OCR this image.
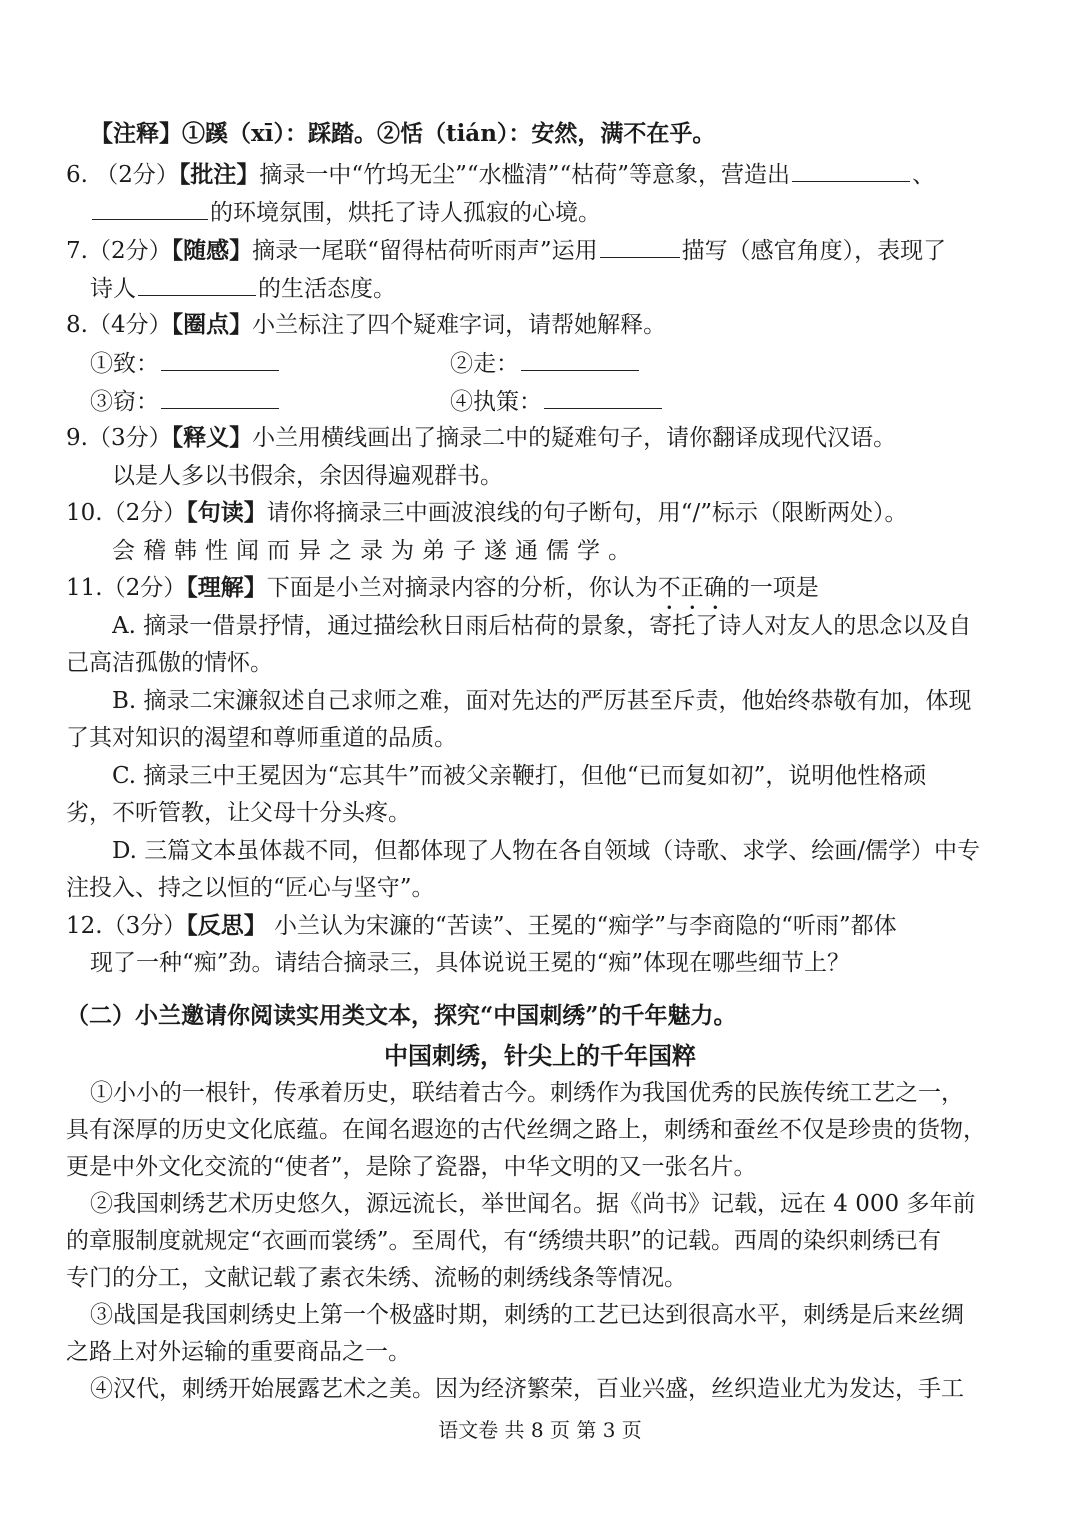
【注释】①蹊（xī）：踩踏。②恬（tián）：安然，满不在乎。
6. （2分）【批注】摘录一中“竹坞无尘”“水槛清”“枯荷”等意象，营造出	、
的环境氛围，烘托了诗人孤寂的心境。
7.（2分）【随感】摘录一尾联“留得枯荷听雨声”运用	描写（感官角度），表现了
诗人	的生活态度。
8.（4分）【圈点】小兰标注了四个疑难字词，请帮她解释。
①致：	②走：
③窃：	④执策：
9.（3分）【释义】小兰用横线画出了摘录二中的疑难句子，请你翻译成现代汉语。
以是人多以书假余，余因得遍观群书。
10.（2分）【句读】请你将摘录三中画波浪线的句子断句，用“/”标示（限断两处）。
会稽韩性闻而异之录为弟子遂通儒学。
11.（2分）【理解】下面是小兰对摘录内容的分析，你认为不正确的一项是
A. 摘录一借景抒情，通过描绘秋日雨后枯荷的景象，寄托了诗人对友人的思念以及自
己高洁孤傲的情怀。
B. 摘录二宋濂叙述自己求师之难，面对先达的严厉甚至斥责，他始终恭敬有加，体现
了其对知识的渴望和尊师重道的品质。
C. 摘录三中王冕因为“忘其牛”而被父亲鞭打，但他“已而复如初”，说明他性格顽
劣，不听管教，让父母十分头疼。
D. 三篇文本虽体裁不同，但都体现了人物在各自领域（诗歌、求学、绘画/儒学）中专
注投入、持之以恒的“匠心与坚守”。
12.（3分）【反思】 小兰认为宋濂的“苦读”、王冕的“痴学”与李商隐的“听雨”都体
现了一种“痴”劲。请结合摘录三，具体说说王冕的“痴”体现在哪些细节上？
（二）小兰邀请你阅读实用类文本，探究“中国刺绣”的千年魅力。
中国刺绣，针尖上的千年国粹
①小小的一根针，传承着历史，联结着古今。刺绣作为我国优秀的民族传统工艺之一，
具有深厚的历史文化底蕴。在闻名遐迩的古代丝绸之路上，刺绣和蚕丝不仅是珍贵的货物，
更是中外文化交流的“使者”，是除了瓷器，中华文明的又一张名片。
②我国刺绣艺术历史悠久，源远流长，举世闻名。据《尚书》记载，远在 4 000 多年前
的章服制度就规定“衣画而裳绣”。至周代，有“绣缋共职”的记载。西周的染织刺绣已有
专门的分工，文献记载了素衣朱绣、流畅的刺绣线条等情况。
③战国是我国刺绣史上第一个极盛时期，刺绣的工艺已达到很高水平，刺绣是后来丝绸
之路上对外运输的重要商品之一。
④汉代，刺绣开始展露艺术之美。因为经济繁荣，百业兴盛，丝织造业尤为发达，手工
语文卷 共 8 页 第 3 页
